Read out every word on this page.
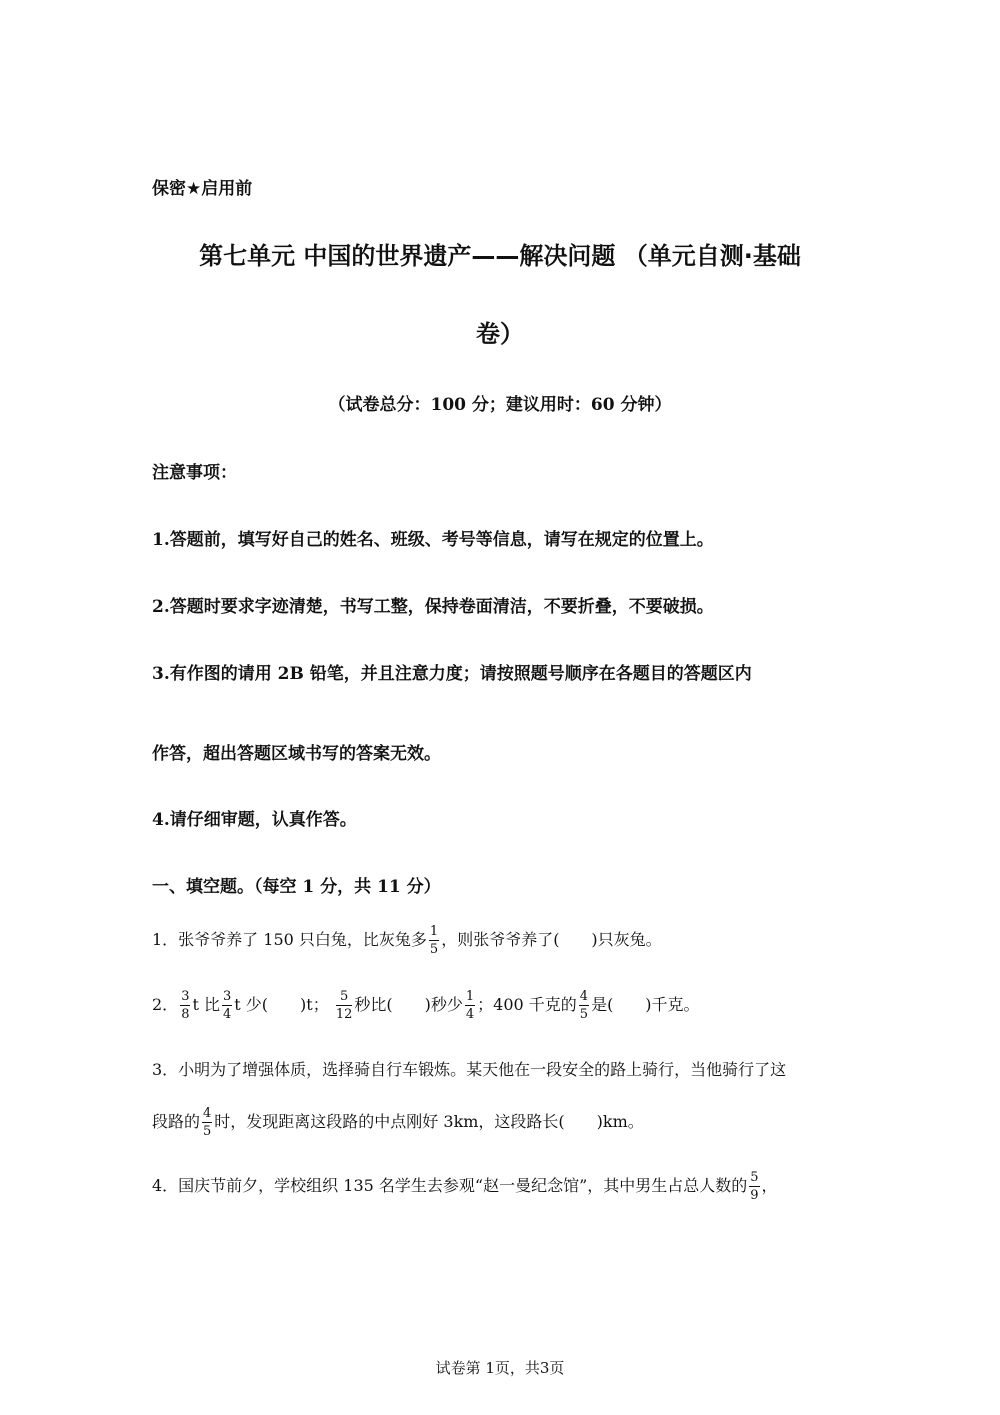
保密★启用前
第七单元 中国的世界遗产——解决问题 （单元自测·基础
卷）
（试卷总分：100 分；建议用时：60 分钟）
注意事项：
1.答题前，填写好自己的姓名、班级、考号等信息，请写在规定的位置上。
2.答题时要求字迹清楚，书写工整，保持卷面清洁，不要折叠，不要破损。
3.有作图的请用 2B 铅笔，并且注意力度；请按照题号顺序在各题目的答题区内
作答，超出答题区域书写的答案无效。
4.请仔细审题，认真作答。
一、填空题。（每空 1 分，共 11 分）
1．张爷爷养了 150 只白兔，比灰兔多 $\frac{1}{5}$ ，则张爷爷养了(　　)只灰兔。
2． $\frac{3}{8}$ t 比 $\frac{3}{4}$ t 少(　　)t； $\frac{5}{12}$ 秒比(　　)秒少 $\frac{1}{4}$ ；400 千克的 $\frac{4}{5}$ 是(　　)千克。
3．小明为了增强体质，选择骑自行车锻炼。某天他在一段安全的路上骑行，当他骑行了这
段路的 $\frac{4}{5}$ 时，发现距离这段路的中点刚好 3km，这段路长(　　)km。
4．国庆节前夕，学校组织 135 名学生去参观“赵一曼纪念馆”，其中男生占总人数的 $\frac{5}{9}$ ，
试卷第 1页，共3页
